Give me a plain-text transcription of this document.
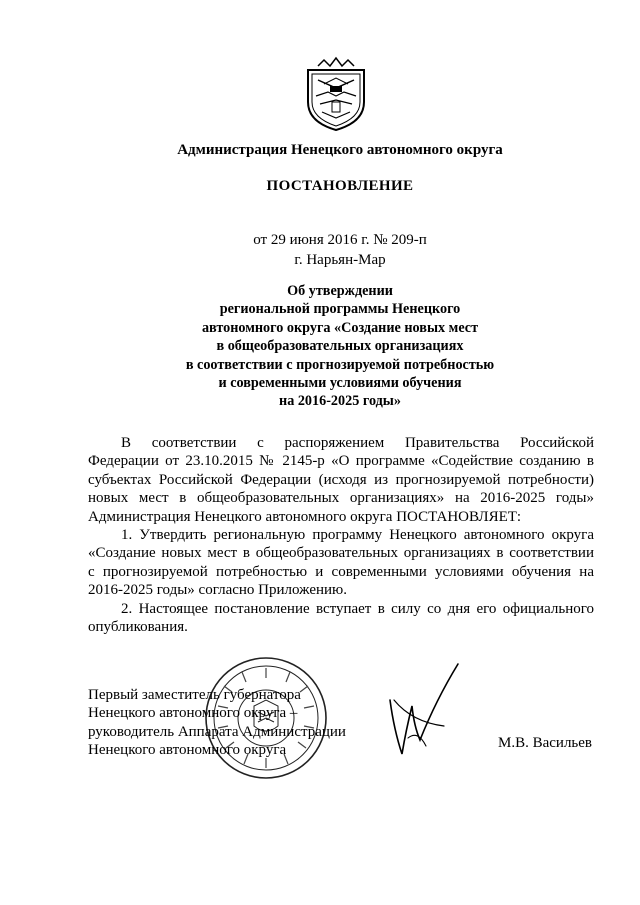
Администрация Ненецкого автономного округа
ПОСТАНОВЛЕНИЕ
от 29 июня 2016 г. № 209-п
г. Нарьян-Мар
Об утверждении
региональной программы Ненецкого
автономного округа «Создание новых мест
в общеобразовательных организациях
в соответствии с прогнозируемой потребностью
и современными условиями обучения
на 2016-2025 годы»
В соответствии с распоряжением Правительства Российской
Федерации от 23.10.2015 № 2145-р «О программе «Содействие созданию в
субъектах Российской Федерации (исходя из прогнозируемой потребности)
новых мест в общеобразовательных организациях» на 2016-2025 годы»
Администрация Ненецкого автономного округа ПОСТАНОВЛЯЕТ:
1. Утвердить региональную программу Ненецкого автономного округа
«Создание новых мест в общеобразовательных организациях в соответствии
с прогнозируемой потребностью и современными условиями обучения на
2016-2025 годы» согласно Приложению.
2. Настоящее постановление вступает в силу со дня его официального
опубликования.
Первый заместитель губернатора
Ненецкого автономного округа –
руководитель Аппарата Администрации
Ненецкого автономного округа	М.В. Васильев
